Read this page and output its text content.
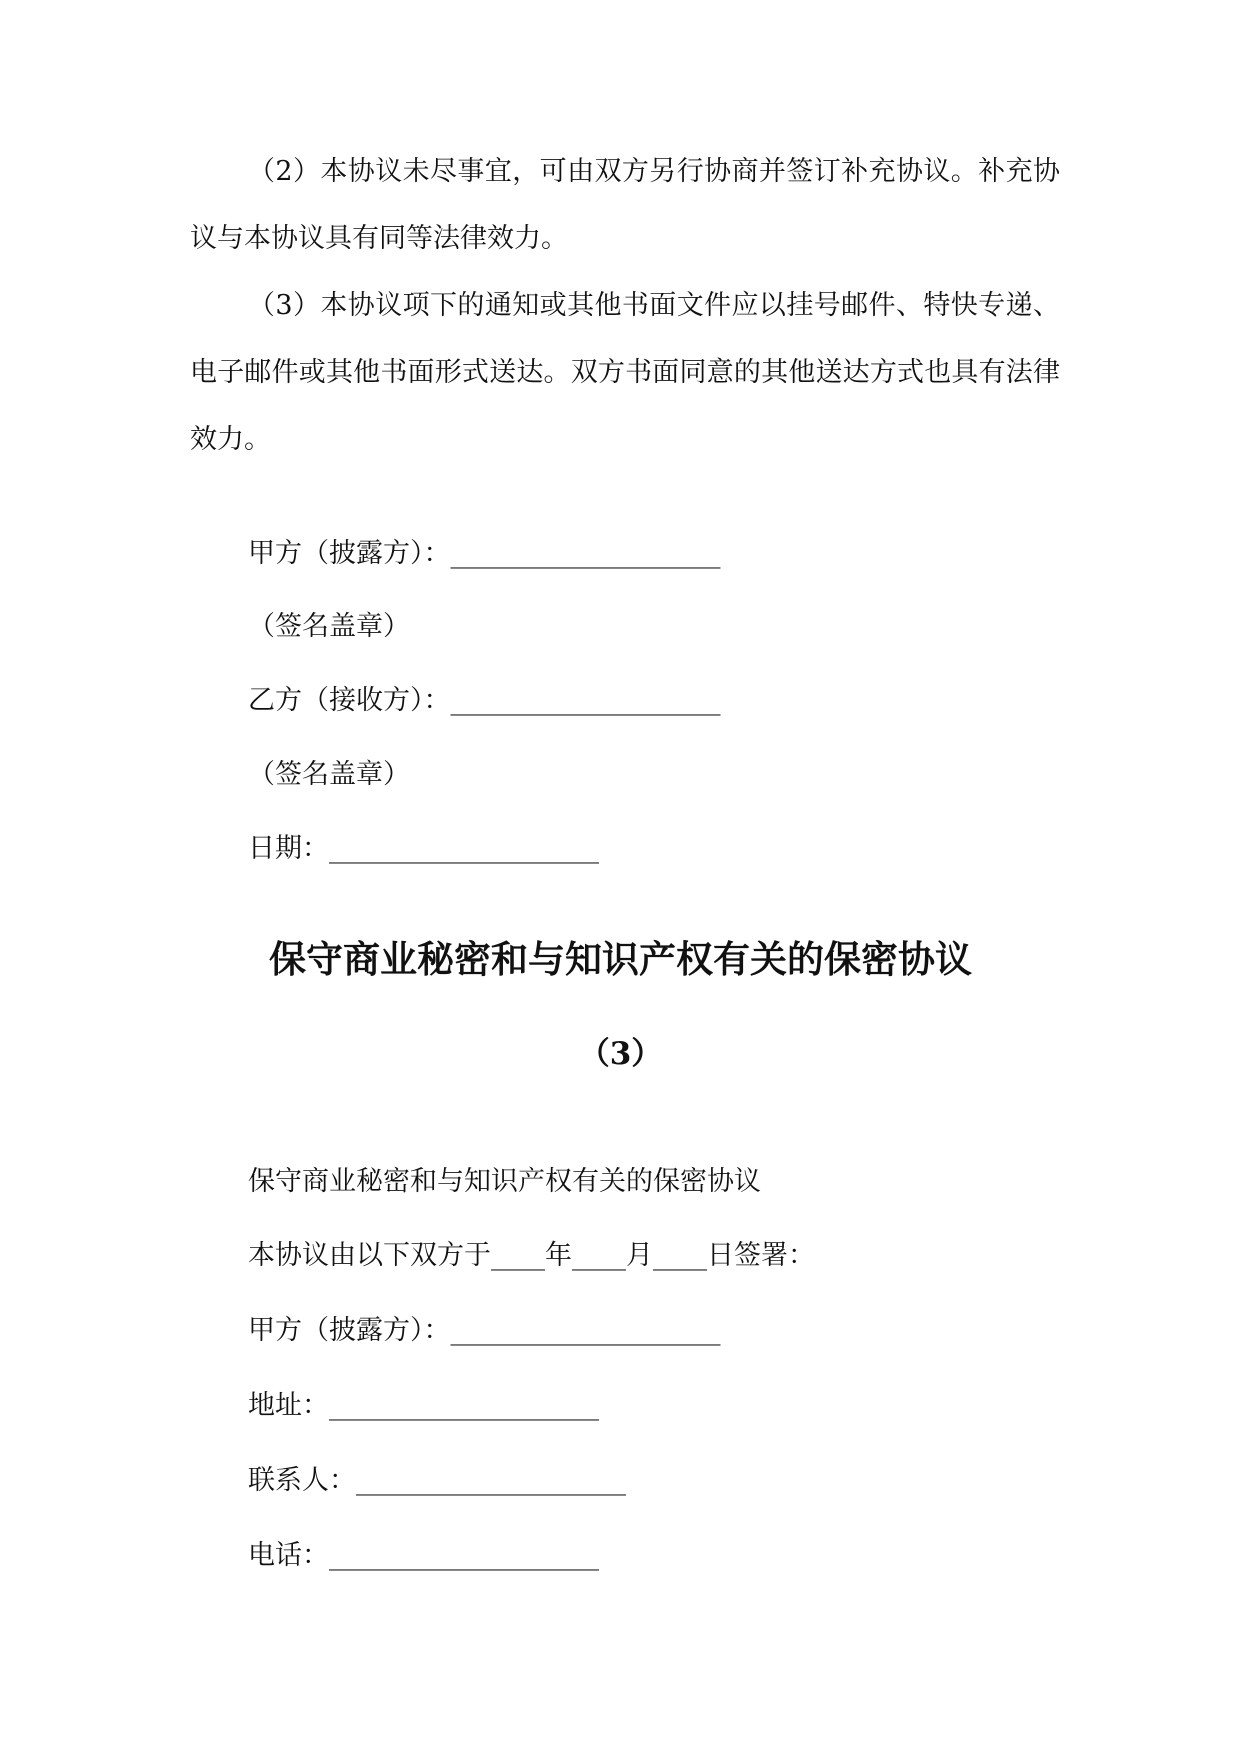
（2）本协议未尽事宜，可由双方另行协商并签订补充协议。补充协议与本协议具有同等法律效力。

（3）本协议项下的通知或其他书面文件应以挂号邮件、特快专递、电子邮件或其他书面形式送达。双方书面同意的其他送达方式也具有法律效力。

甲方（披露方）：____________________

（签名盖章）

乙方（接收方）：____________________

（签名盖章）

日期：____________________

保守商业秘密和与知识产权有关的保密协议
（3）

保守商业秘密和与知识产权有关的保密协议

本协议由以下双方于____年____月____日签署：

甲方（披露方）：____________________

地址：____________________

联系人：____________________

电话：____________________
